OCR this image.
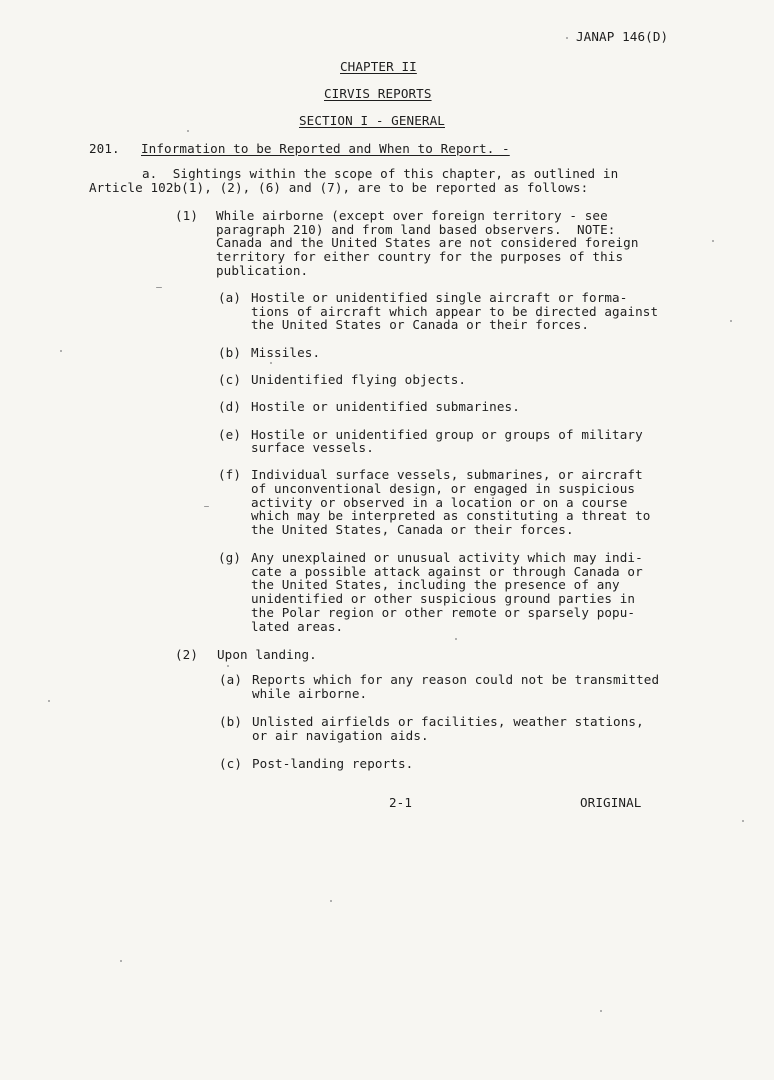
JANAP 146(D)
CHAPTER II
CIRVIS REPORTS
SECTION I - GENERAL
201. Information to be Reported and When to Report. -
a.  Sightings within the scope of this chapter, as outlined in
Article 102b(1), (2), (6) and (7), are to be reported as follows:
(1) While airborne (except over foreign territory - see
paragraph 210) and from land based observers.  NOTE:
Canada and the United States are not considered foreign
territory for either country for the purposes of this
publication.
(a) Hostile or unidentified single aircraft or forma-
tions of aircraft which appear to be directed against
the United States or Canada or their forces.
(b) Missiles.
(c) Unidentified flying objects.
(d) Hostile or unidentified submarines.
(e) Hostile or unidentified group or groups of military
surface vessels.
(f) Individual surface vessels, submarines, or aircraft
of unconventional design, or engaged in suspicious
activity or observed in a location or on a course
which may be interpreted as constituting a threat to
the United States, Canada or their forces.
(g) Any unexplained or unusual activity which may indi-
cate a possible attack against or through Canada or
the United States, including the presence of any
unidentified or other suspicious ground parties in
the Polar region or other remote or sparsely popu-
lated areas.
(2) Upon landing.
(a) Reports which for any reason could not be transmitted
while airborne.
(b) Unlisted airfields or facilities, weather stations,
or air navigation aids.
(c) Post-landing reports.
2-1	ORIGINAL
